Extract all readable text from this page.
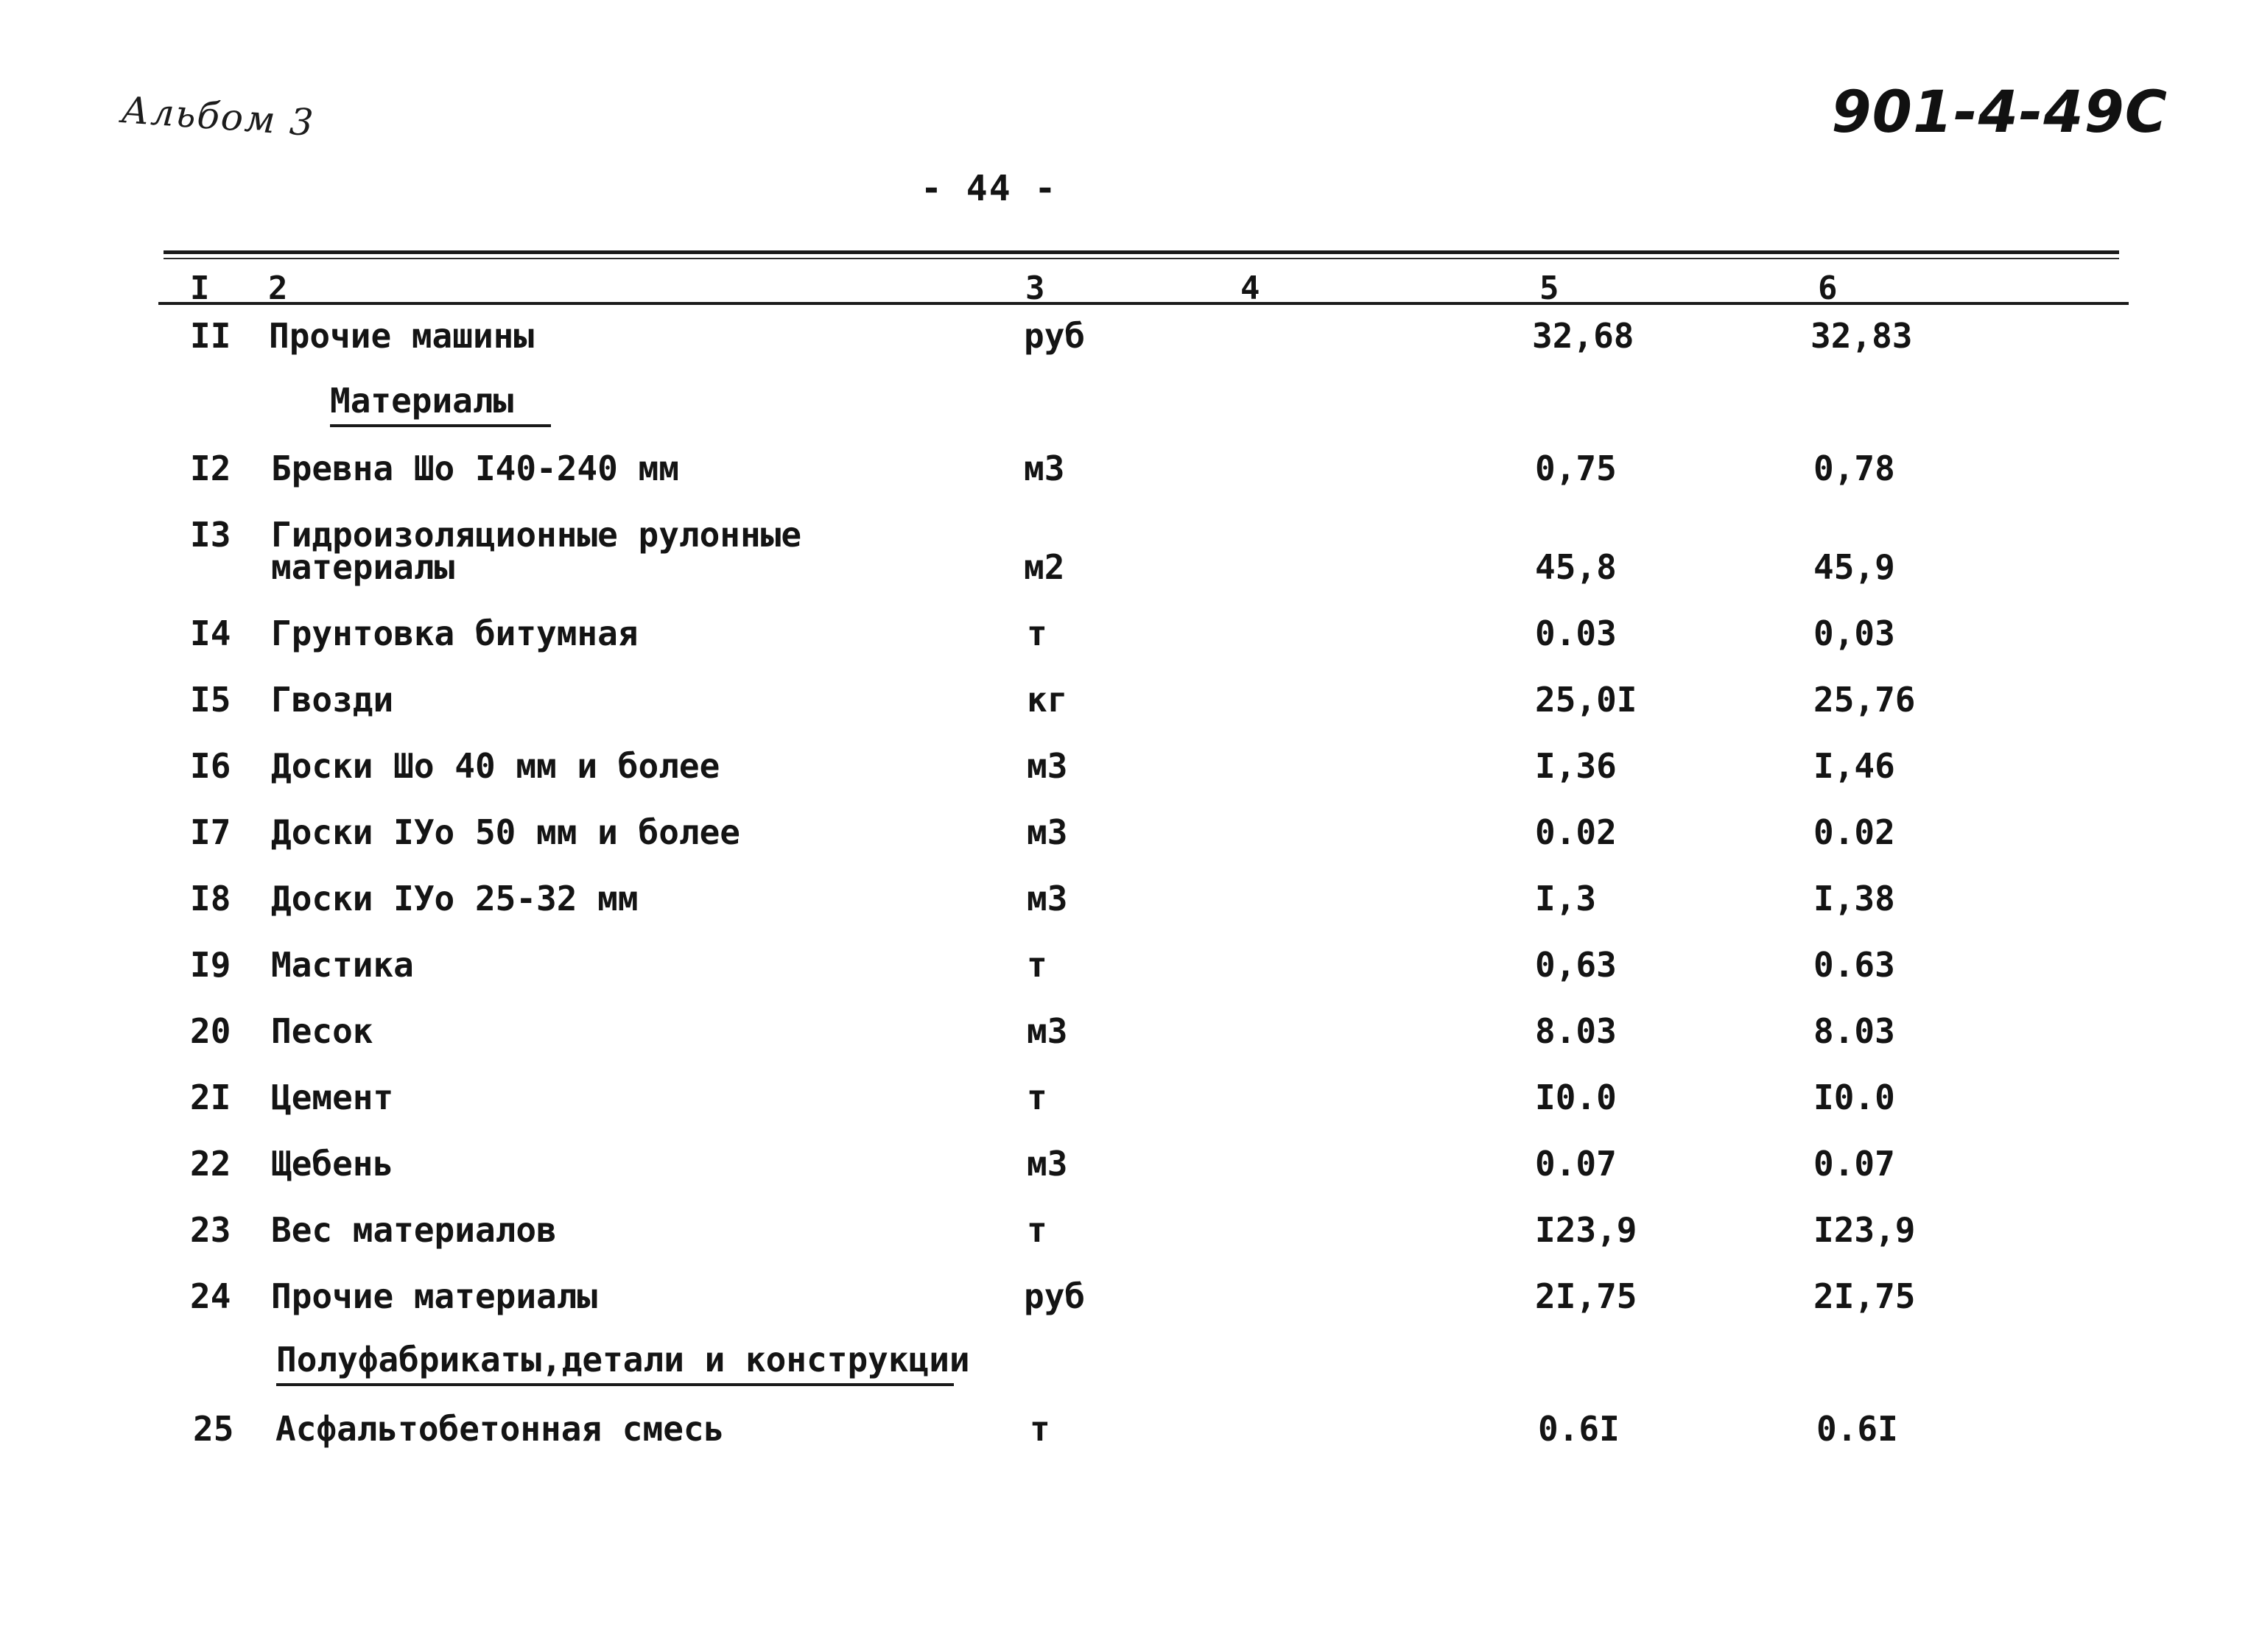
Альбом 3	901-4-49С
- 44 -
I 2	3	4	5	6
II Прочие машины	руб	32,68	32,83
Материалы
I2 Бревна Шо I40-240 мм	м3	0,75	0,78
I3 Гидроизоляционные рулонные
материалы	м2	45,8	45,9
I4 Грунтовка битумная	т	0.03	0,03
I5 Гвозди	кг	25,0I	25,76
I6 Доски Шо 40 мм и более	м3	I,36	I,46
I7 Доски IУо 50 мм и более	м3	0.02	0.02
I8 Доски IУо 25-32 мм	м3	I,3	I,38
I9 Мастика	т	0,63	0.63
20 Песок	м3	8.03	8.03
2I Цемент	т	I0.0	I0.0
22 Щебень	м3	0.07	0.07
23 Вес материалов	т	I23,9	I23,9
24 Прочие материалы	руб	2I,75	2I,75
Полуфабрикаты,детали и конструкции
25 Асфальтобетонная смесь	т	0.6I	0.6I
